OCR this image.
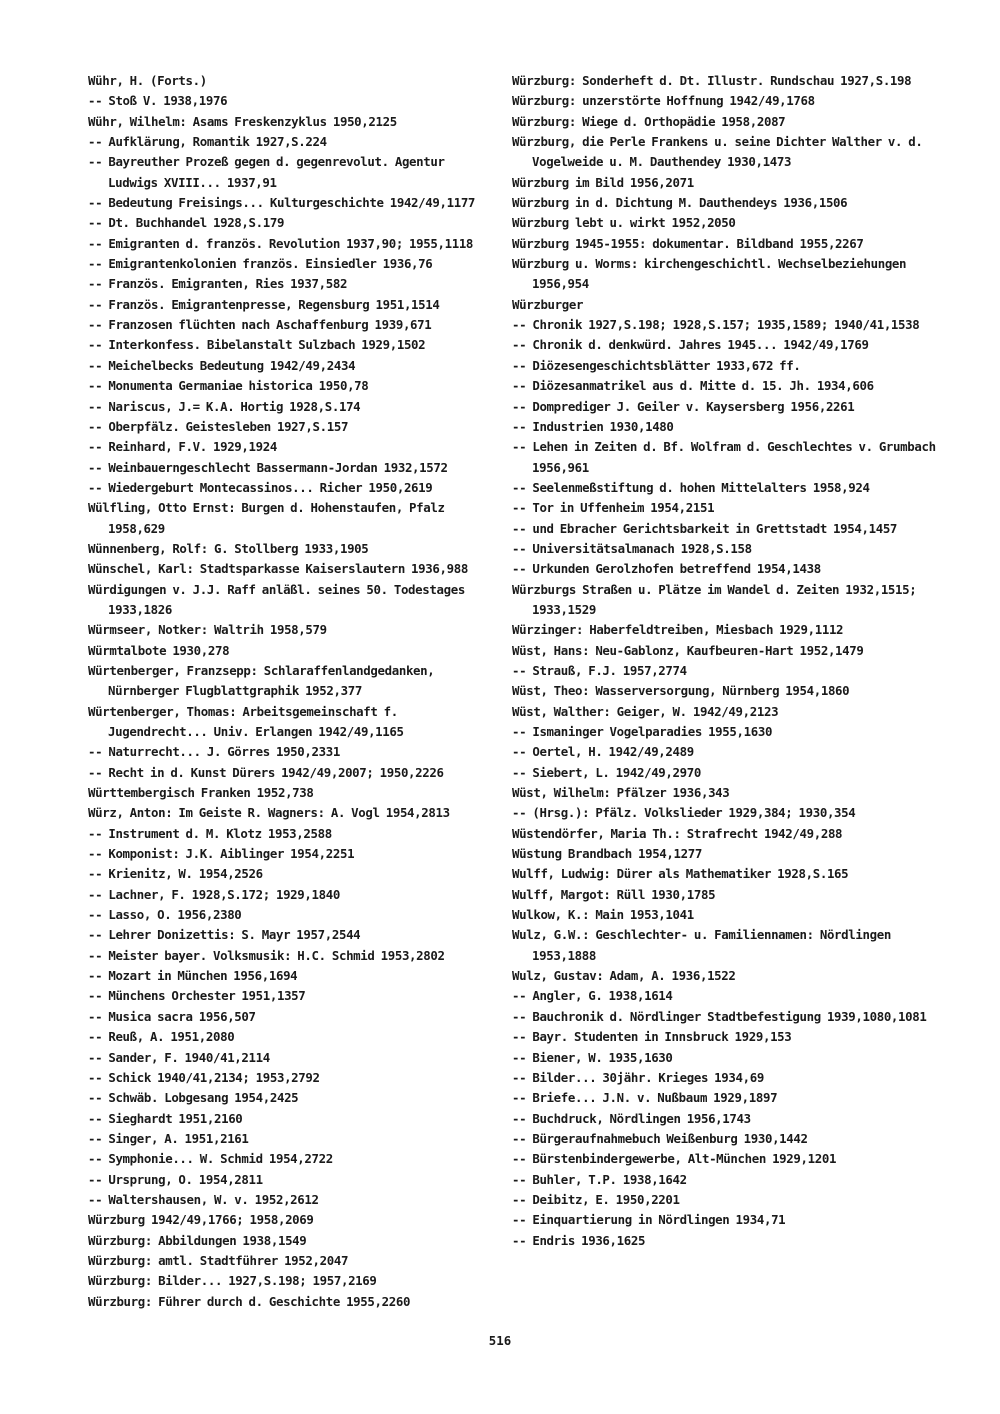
Wühr, H. (Forts.)
-- Stoß V. 1938,1976
Wühr, Wilhelm: Asams Freskenzyklus 1950,2125
-- Aufklärung, Romantik 1927,S.224
-- Bayreuther Prozeß gegen d. gegenrevolut. Agentur Ludwigs XVIII... 1937,91
-- Bedeutung Freisings... Kulturgeschichte 1942/49,1177
-- Dt. Buchhandel 1928,S.179
-- Emigranten d. französ. Revolution 1937,90; 1955,1118
-- Emigrantenkolonien französ. Einsiedler 1936,76
-- Französ. Emigranten, Ries 1937,582
-- Französ. Emigrantenpresse, Regensburg 1951,1514
-- Franzosen flüchten nach Aschaffenburg 1939,671
-- Interkonfess. Bibelanstalt Sulzbach 1929,1502
-- Meichelbecks Bedeutung 1942/49,2434
-- Monumenta Germaniae historica 1950,78
-- Nariscus, J.= K.A. Hortig 1928,S.174
-- Oberpfälz. Geistesleben 1927,S.157
-- Reinhard, F.V. 1929,1924
-- Weinbauerngeschlecht Bassermann-Jordan 1932,1572
-- Wiedergeburt Montecassinos... Richer 1950,2619
Wülfling, Otto Ernst: Burgen d. Hohenstaufen, Pfalz 1958,629
Wünnenberg, Rolf: G. Stollberg 1933,1905
Wünschel, Karl: Stadtsparkasse Kaiserslautern 1936,988
Würdigungen v. J.J. Raff anläßl. seines 50. Todestages 1933,1826
Würmseer, Notker: Waltrih 1958,579
Würmtalbote 1930,278
Würtenberger, Franzsepp: Schlaraffenlandgedanken, Nürnberger Flugblattgraphik 1952,377
Würtenberger, Thomas: Arbeitsgemeinschaft f. Jugendrecht... Univ. Erlangen 1942/49,1165
-- Naturrecht... J. Görres 1950,2331
-- Recht in d. Kunst Dürers 1942/49,2007; 1950,2226
Württembergisch Franken 1952,738
Würz, Anton: Im Geiste R. Wagners: A. Vogl 1954,2813
-- Instrument d. M. Klotz 1953,2588
-- Komponist: J.K. Aiblinger 1954,2251
-- Krienitz, W. 1954,2526
-- Lachner, F. 1928,S.172; 1929,1840
-- Lasso, O. 1956,2380
-- Lehrer Donizettis: S. Mayr 1957,2544
-- Meister bayer. Volksmusik: H.C. Schmid 1953,2802
-- Mozart in München 1956,1694
-- Münchens Orchester 1951,1357
-- Musica sacra 1956,507
-- Reuß, A. 1951,2080
-- Sander, F. 1940/41,2114
-- Schick 1940/41,2134; 1953,2792
-- Schwäb. Lobgesang 1954,2425
-- Sieghardt 1951,2160
-- Singer, A. 1951,2161
-- Symphonie... W. Schmid 1954,2722
-- Ursprung, O. 1954,2811
-- Waltershausen, W. v. 1952,2612
Würzburg 1942/49,1766; 1958,2069
Würzburg: Abbildungen 1938,1549
Würzburg: amtl. Stadtführer 1952,2047
Würzburg: Bilder... 1927,S.198; 1957,2169
Würzburg: Führer durch d. Geschichte 1955,2260
Würzburg: Sonderheft d. Dt. Illustr. Rundschau 1927,S.198
Würzburg: unzerstörte Hoffnung 1942/49,1768
Würzburg: Wiege d. Orthopädie 1958,2087
Würzburg, die Perle Frankens u. seine Dichter Walther v. d. Vogelweide u. M. Dauthendey 1930,1473
Würzburg im Bild 1956,2071
Würzburg in d. Dichtung M. Dauthendeys 1936,1506
Würzburg lebt u. wirkt 1952,2050
Würzburg 1945-1955: dokumentar. Bildband 1955,2267
Würzburg u. Worms: kirchengeschichtl. Wechselbeziehungen 1956,954
Würzburger
-- Chronik 1927,S.198; 1928,S.157; 1935,1589; 1940/41,1538
-- Chronik d. denkwürd. Jahres 1945... 1942/49,1769
-- Diözesengeschichtsblätter 1933,672 ff.
-- Diözesanmatrikel aus d. Mitte d. 15. Jh. 1934,606
-- Domprediger J. Geiler v. Kaysersberg 1956,2261
-- Industrien 1930,1480
-- Lehen in Zeiten d. Bf. Wolfram d. Geschlechtes v. Grumbach 1956,961
-- Seelenmeßstiftung d. hohen Mittelalters 1958,924
-- Tor in Uffenheim 1954,2151
-- und Ebracher Gerichtsbarkeit in Grettstadt 1954,1457
-- Universitätsalmanach 1928,S.158
-- Urkunden Gerolzhofen betreffend 1954,1438
Würzburgs Straßen u. Plätze im Wandel d. Zeiten 1932,1515; 1933,1529
Würzinger: Haberfeldtreiben, Miesbach 1929,1112
Wüst, Hans: Neu-Gablonz, Kaufbeuren-Hart 1952,1479
-- Strauß, F.J. 1957,2774
Wüst, Theo: Wasserversorgung, Nürnberg 1954,1860
Wüst, Walther: Geiger, W. 1942/49,2123
-- Ismaninger Vogelparadies 1955,1630
-- Oertel, H. 1942/49,2489
-- Siebert, L. 1942/49,2970
Wüst, Wilhelm: Pfälzer 1936,343
-- (Hrsg.): Pfälz. Volkslieder 1929,384; 1930,354
Wüstendörfer, Maria Th.: Strafrecht 1942/49,288
Wüstung Brandbach 1954,1277
Wulff, Ludwig: Dürer als Mathematiker 1928,S.165
Wulff, Margot: Rüll 1930,1785
Wulkow, K.: Main 1953,1041
Wulz, G.W.: Geschlechter- u. Familiennamen: Nördlingen 1953,1888
Wulz, Gustav: Adam, A. 1936,1522
-- Angler, G. 1938,1614
-- Bauchronik d. Nördlinger Stadtbefestigung 1939,1080,1081
-- Bayr. Studenten in Innsbruck 1929,153
-- Biener, W. 1935,1630
-- Bilder... 30jähr. Krieges 1934,69
-- Briefe... J.N. v. Nußbaum 1929,1897
-- Buchdruck, Nördlingen 1956,1743
-- Bürgeraufnahmebuch Weißenburg 1930,1442
-- Bürstenbindergewerbe, Alt-München 1929,1201
-- Buhler, T.P. 1938,1642
-- Deibitz, E. 1950,2201
-- Einquartierung in Nördlingen 1934,71
-- Endris 1936,1625
516
